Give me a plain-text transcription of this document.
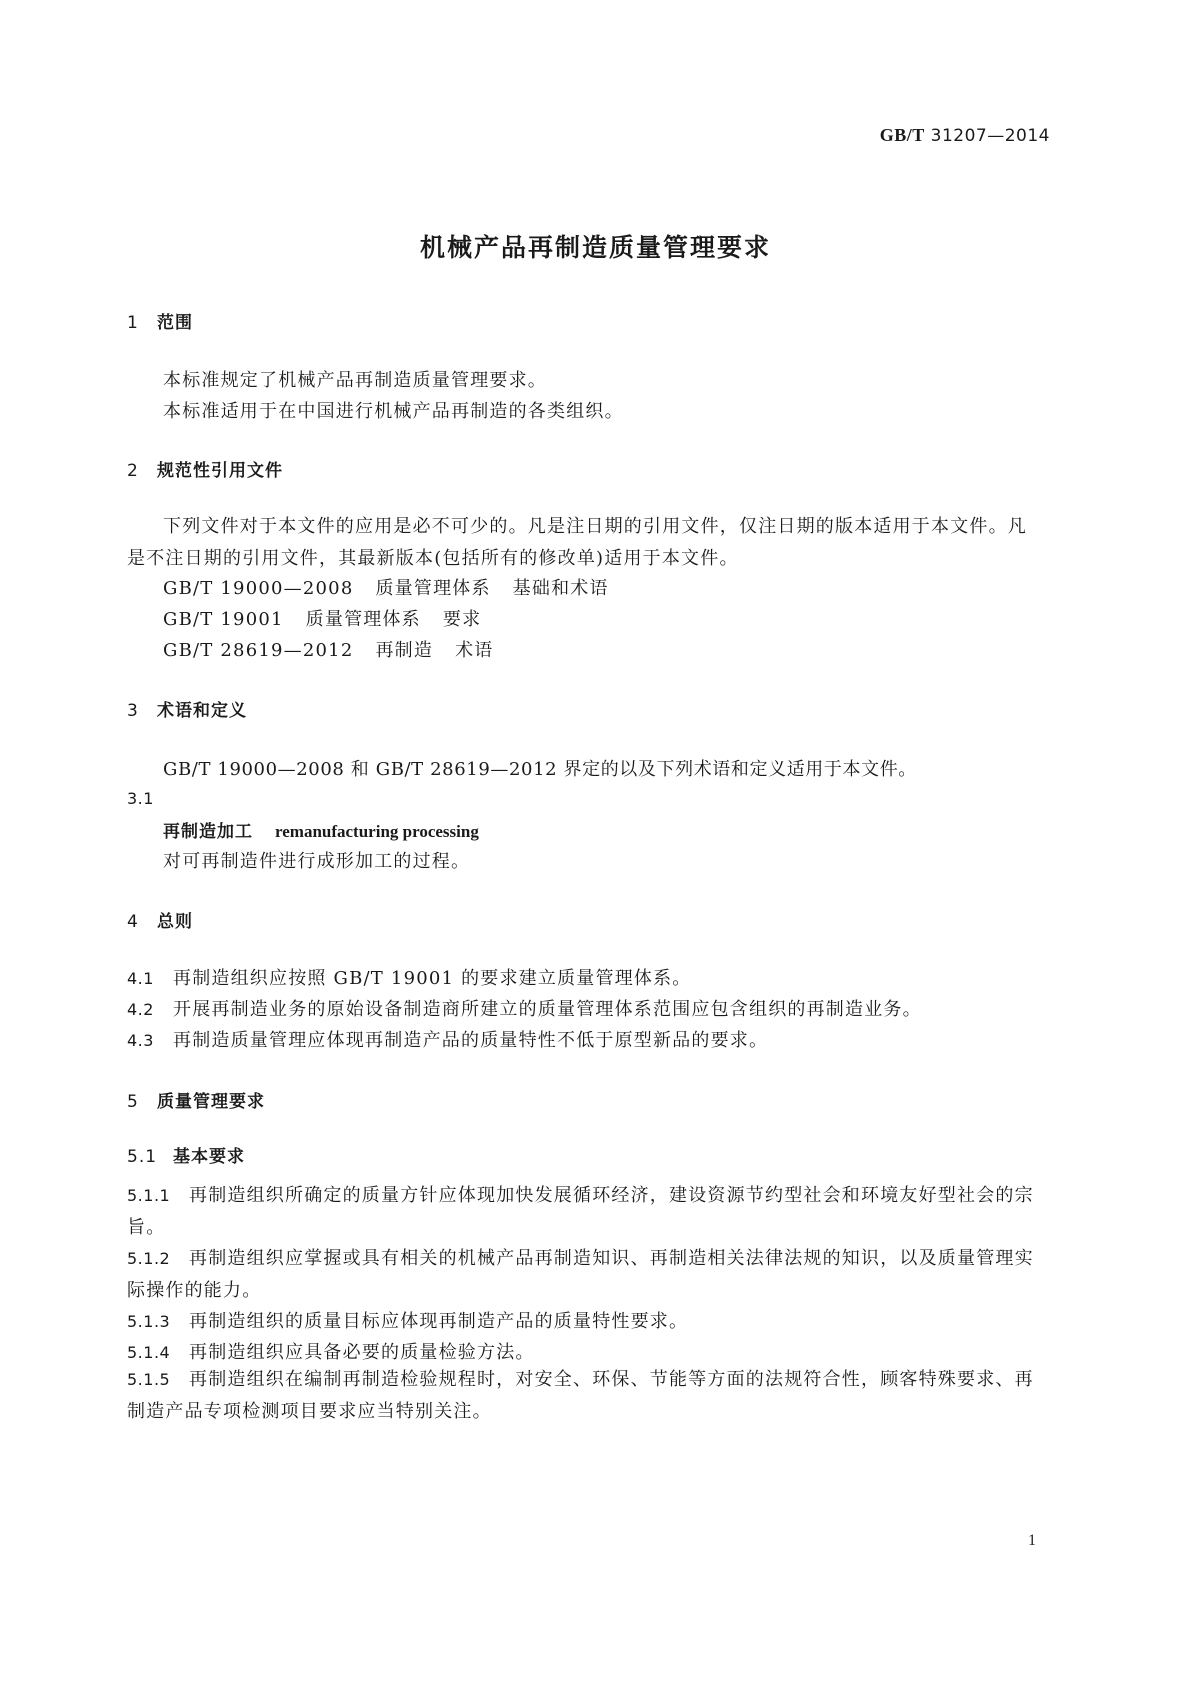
GB/T 31207—2014
机械产品再制造质量管理要求
1 范围
本标准规定了机械产品再制造质量管理要求。
本标准适用于在中国进行机械产品再制造的各类组织。
2 规范性引用文件
下列文件对于本文件的应用是必不可少的。凡是注日期的引用文件，仅注日期的版本适用于本文件。凡是不注日期的引用文件，其最新版本(包括所有的修改单)适用于本文件。
GB/T 19000—2008 质量管理体系 基础和术语
GB/T 19001 质量管理体系 要求
GB/T 28619—2012 再制造 术语
3 术语和定义
GB/T 19000—2008 和 GB/T 28619—2012 界定的以及下列术语和定义适用于本文件。
3.1
再制造加工 remanufacturing processing
对可再制造件进行成形加工的过程。
4 总则
4.1 再制造组织应按照 GB/T 19001 的要求建立质量管理体系。
4.2 开展再制造业务的原始设备制造商所建立的质量管理体系范围应包含组织的再制造业务。
4.3 再制造质量管理应体现再制造产品的质量特性不低于原型新品的要求。
5 质量管理要求
5.1 基本要求
5.1.1 再制造组织所确定的质量方针应体现加快发展循环经济，建设资源节约型社会和环境友好型社会的宗旨。
5.1.2 再制造组织应掌握或具有相关的机械产品再制造知识、再制造相关法律法规的知识，以及质量管理实际操作的能力。
5.1.3 再制造组织的质量目标应体现再制造产品的质量特性要求。
5.1.4 再制造组织应具备必要的质量检验方法。
5.1.5 再制造组织在编制再制造检验规程时，对安全、环保、节能等方面的法规符合性，顾客特殊要求、再制造产品专项检测项目要求应当特别关注。
1
